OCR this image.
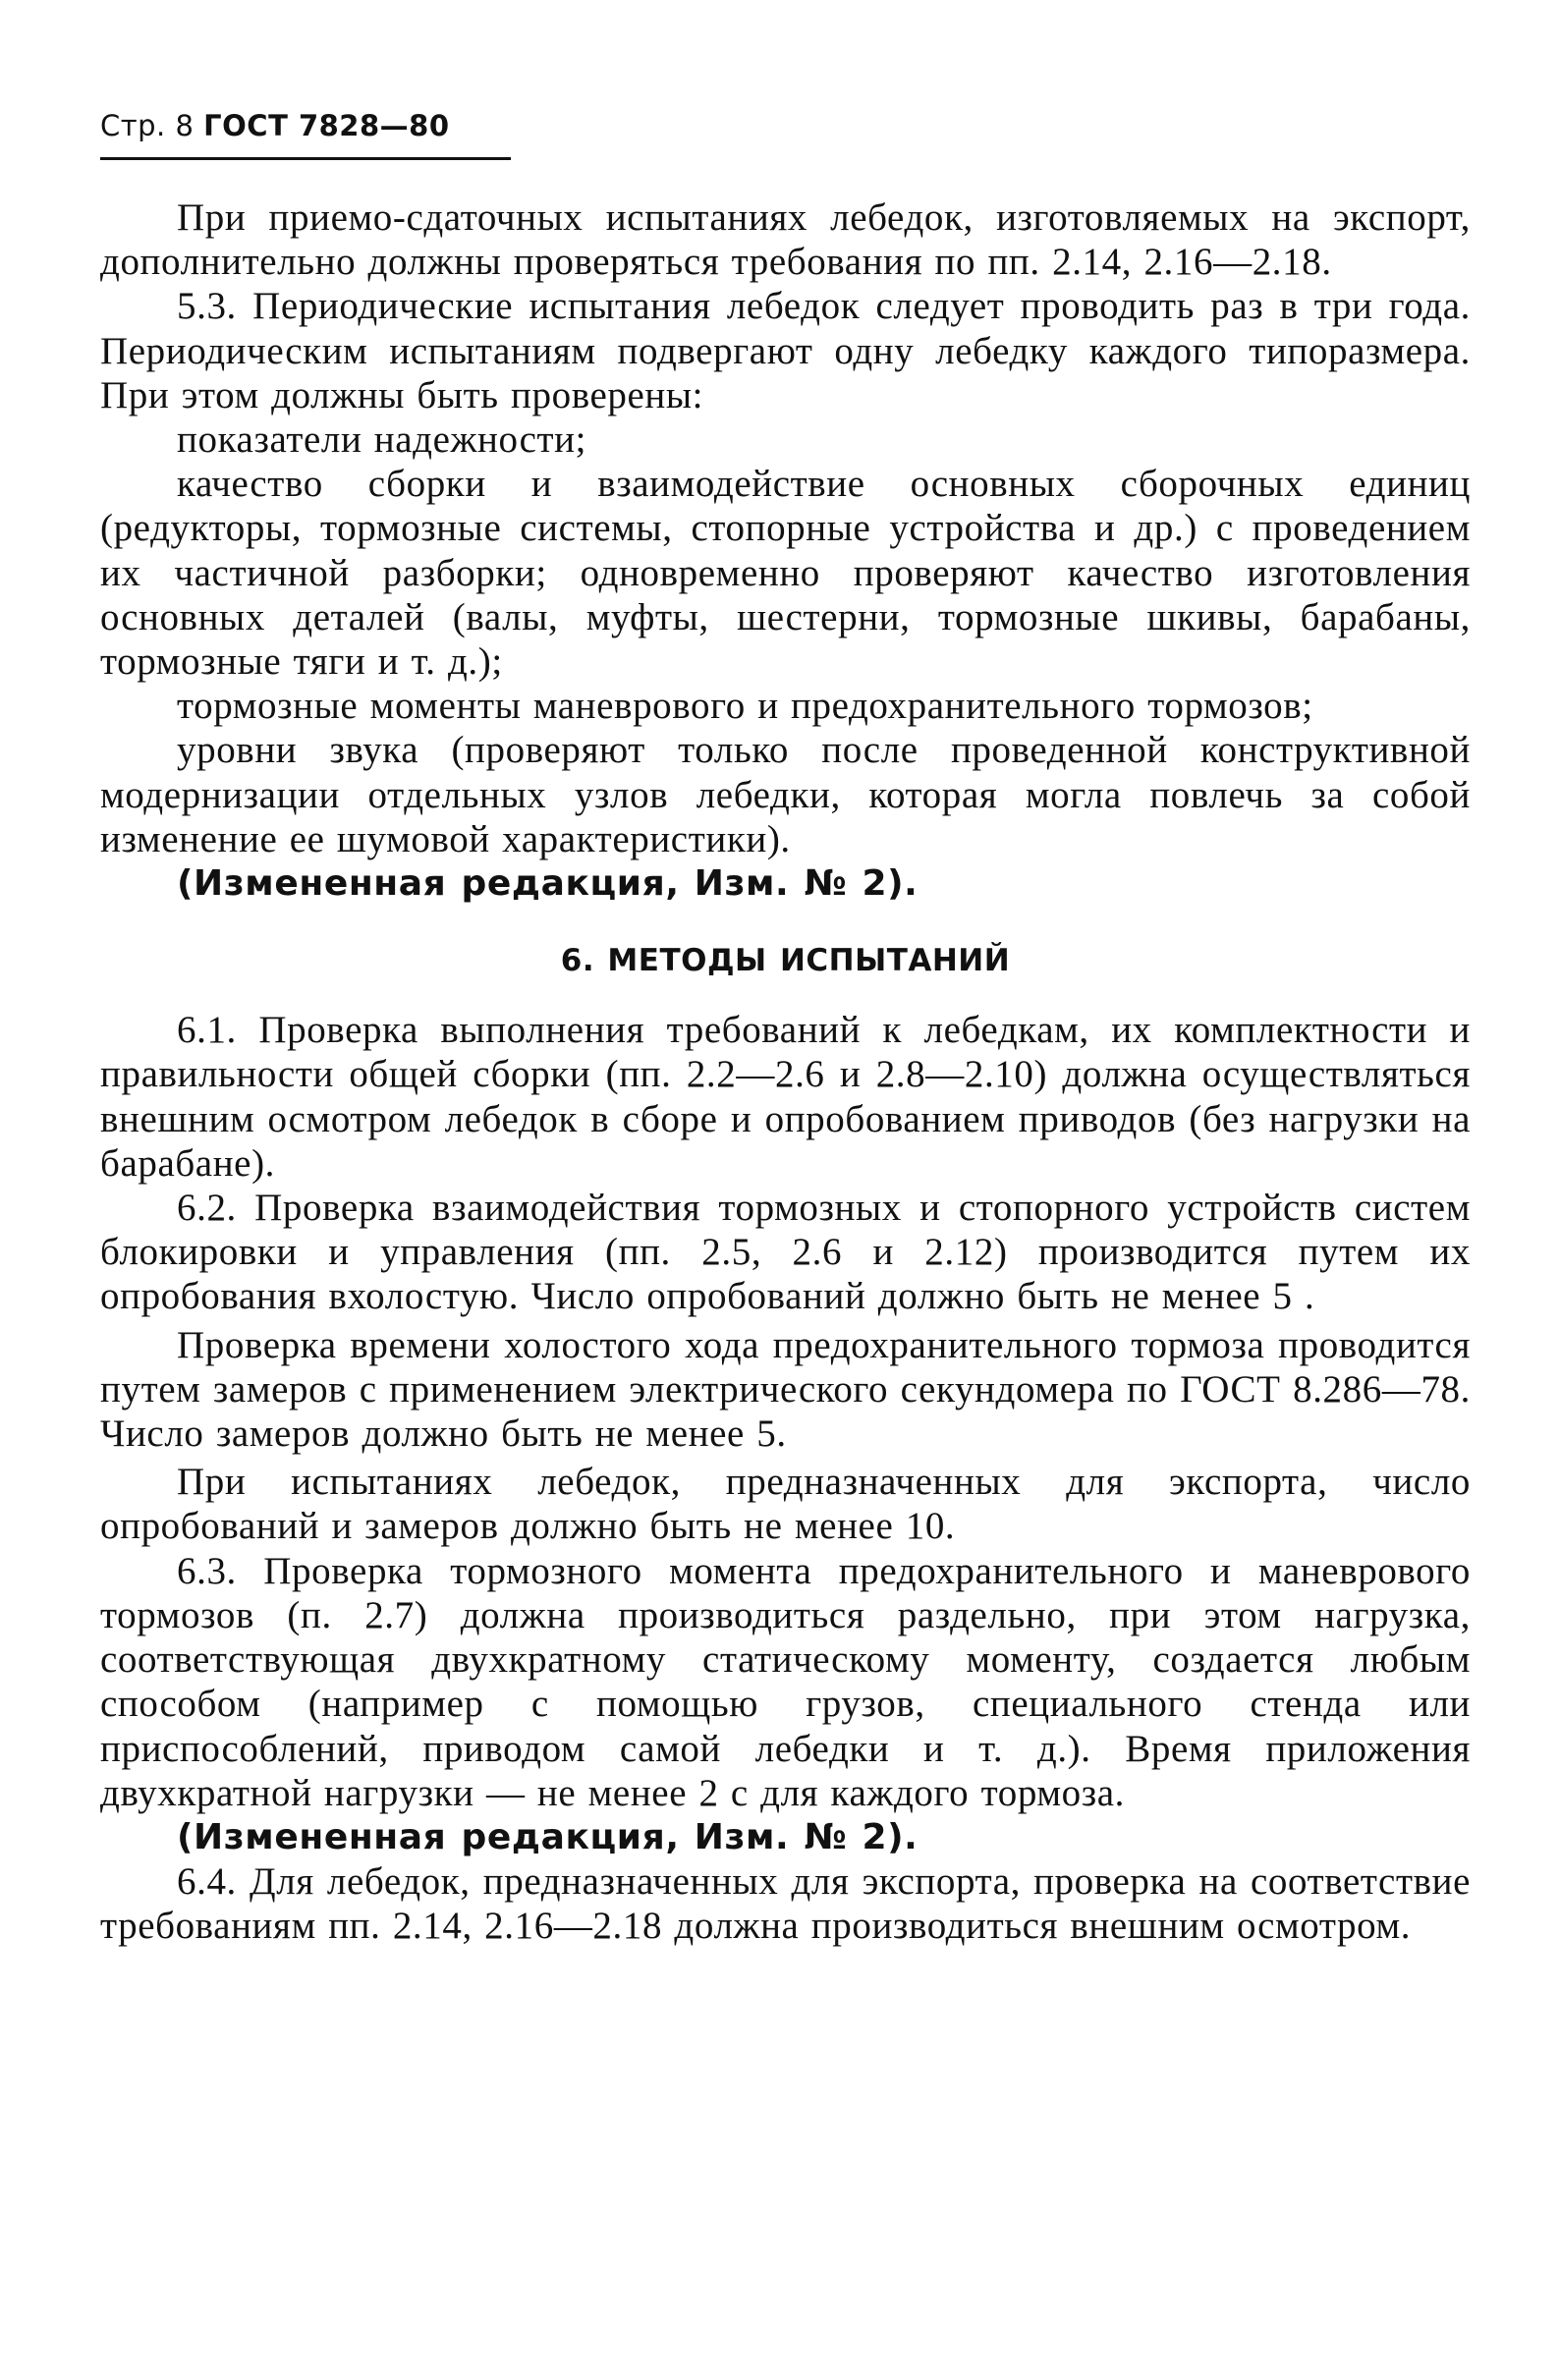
Стр. 8 ГОСТ 7828—80

При приемо-сдаточных испытаниях лебедок, изготовляемых на экспорт, дополнительно должны проверяться требования по пп. 2.14, 2.16—2.18.

5.3. Периодические испытания лебедок следует проводить раз в три года. Периодическим испытаниям подвергают одну лебедку каждого типоразмера. При этом должны быть проверены:

показатели надежности;

качество сборки и взаимодействие основных сборочных единиц (редукторы, тормозные системы, стопорные устройства и др.) с проведением их частичной разборки; одновременно проверяют качество изготовления основных деталей (валы, муфты, шестерни, тормозные шкивы, барабаны, тормозные тяги и т. д.);

тормозные моменты маневрового и предохранительного тормозов;

уровни звука (проверяют только после проведенной конструктивной модернизации отдельных узлов лебедки, которая могла повлечь за собой изменение ее шумовой характеристики).

(Измененная редакция, Изм. № 2).

6. МЕТОДЫ ИСПЫТАНИЙ

6.1. Проверка выполнения требований к лебедкам, их комплектности и правильности общей сборки (пп. 2.2—2.6 и 2.8—2.10) должна осуществляться внешним осмотром лебедок в сборе и опробованием приводов (без нагрузки на барабане).

6.2. Проверка взаимодействия тормозных и стопорного устройств систем блокировки и управления (пп. 2.5, 2.6 и 2.12) производится путем их опробования вхолостую. Число опробований должно быть не менее 5 .

Проверка времени холостого хода предохранительного тормоза проводится путем замеров с применением электрического секундомера по ГОСТ 8.286—78. Число замеров должно быть не менее 5.

При испытаниях лебедок, предназначенных для экспорта, число опробований и замеров должно быть не менее 10.

6.3. Проверка тормозного момента предохранительного и маневрового тормозов (п. 2.7) должна производиться раздельно, при этом нагрузка, соответствующая двухкратному статическому моменту, создается любым способом (например с помощью грузов, специального стенда или приспособлений, приводом самой лебедки и т. д.). Время приложения двухкратной нагрузки — не менее 2 с для каждого тормоза.

(Измененная редакция, Изм. № 2).

6.4. Для лебедок, предназначенных для экспорта, проверка на соответствие требованиям пп. 2.14, 2.16—2.18 должна производиться внешним осмотром.
